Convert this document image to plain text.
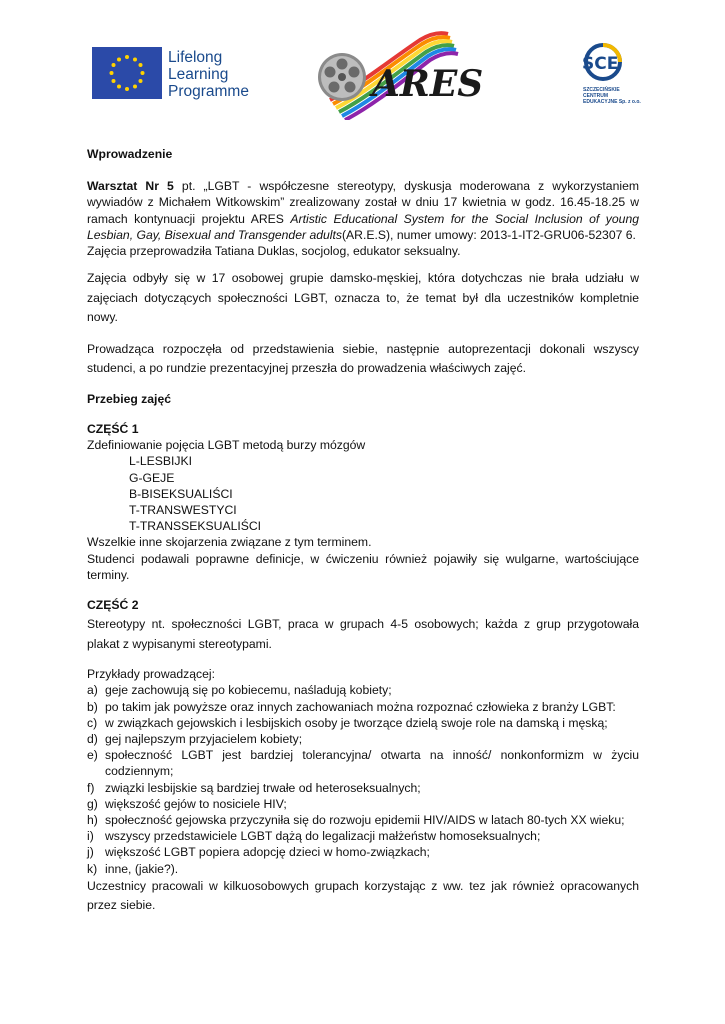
Lifelong
Learning
Programme	ARES	SCE
SZCZECIŃSKIE
CENTRUM
EDUKACYJNE Sp. z o.o.

Wprowadzenie

Warsztat Nr 5 pt. „LGBT - współczesne stereotypy, dyskusja moderowana z wykorzystaniem wywiadów z Michałem Witkowskim” zrealizowany został w dniu 17 kwietnia w godz. 16.45-18.25 w ramach kontynuacji projektu ARES Artistic Educational System for the Social Inclusion of young Lesbian, Gay, Bisexual and Transgender adults(AR.E.S), numer umowy: 2013-1-IT2-GRU06-52307 6.

Zajęcia przeprowadziła Tatiana Duklas, socjolog, edukator seksualny.

Zajęcia odbyły się w 17 osobowej grupie damsko-męskiej, która dotychczas nie brała udziału w zajęciach dotyczących społeczności LGBT, oznacza to, że temat był dla uczestników kompletnie nowy.

Prowadząca rozpoczęła od przedstawienia siebie, następnie autoprezentacji dokonali wszyscy studenci, a po rundzie prezentacyjnej przeszła do prowadzenia właściwych zajęć.

Przebieg zajęć

CZĘŚĆ 1

Zdefiniowanie pojęcia LGBT metodą burzy mózgów

L-LESBIJKI
G-GEJE
B-BISEKSUALIŚCI
T-TRANSWESTYCI
T-TRANSSEKSUALIŚCI

Wszelkie inne skojarzenia związane z tym terminem.

Studenci podawali poprawne definicje, w ćwiczeniu również pojawiły się wulgarne, wartościujące terminy.

CZĘŚĆ 2

Stereotypy nt. społeczności LGBT, praca w grupach 4-5 osobowych; każda z grup przygotowała plakat z wypisanymi stereotypami.

Przykłady prowadzącej:

a) geje zachowują się po kobiecemu, naśladują kobiety;
b) po takim jak powyższe oraz innych zachowaniach można rozpoznać człowieka z branży LGBT:
c) w związkach gejowskich i lesbijskich osoby je tworzące dzielą swoje role na damską i męską;
d) gej najlepszym przyjacielem kobiety;
e) społeczność LGBT jest bardziej tolerancyjna/ otwarta na inność/ nonkonformizm w życiu codziennym;
f) związki lesbijskie są bardziej trwałe od heteroseksualnych;
g) większość gejów to nosiciele HIV;
h) społeczność gejowska przyczyniła się do rozwoju epidemii HIV/AIDS w latach 80-tych XX wieku;
i) wszyscy przedstawiciele LGBT dążą do legalizacji małżeństw homoseksualnych;
j) większość LGBT popiera adopcję dzieci w homo-związkach;
k) inne, (jakie?).

Uczestnicy pracowali w kilkuosobowych grupach korzystając z ww. tez jak również opracowanych przez siebie.
